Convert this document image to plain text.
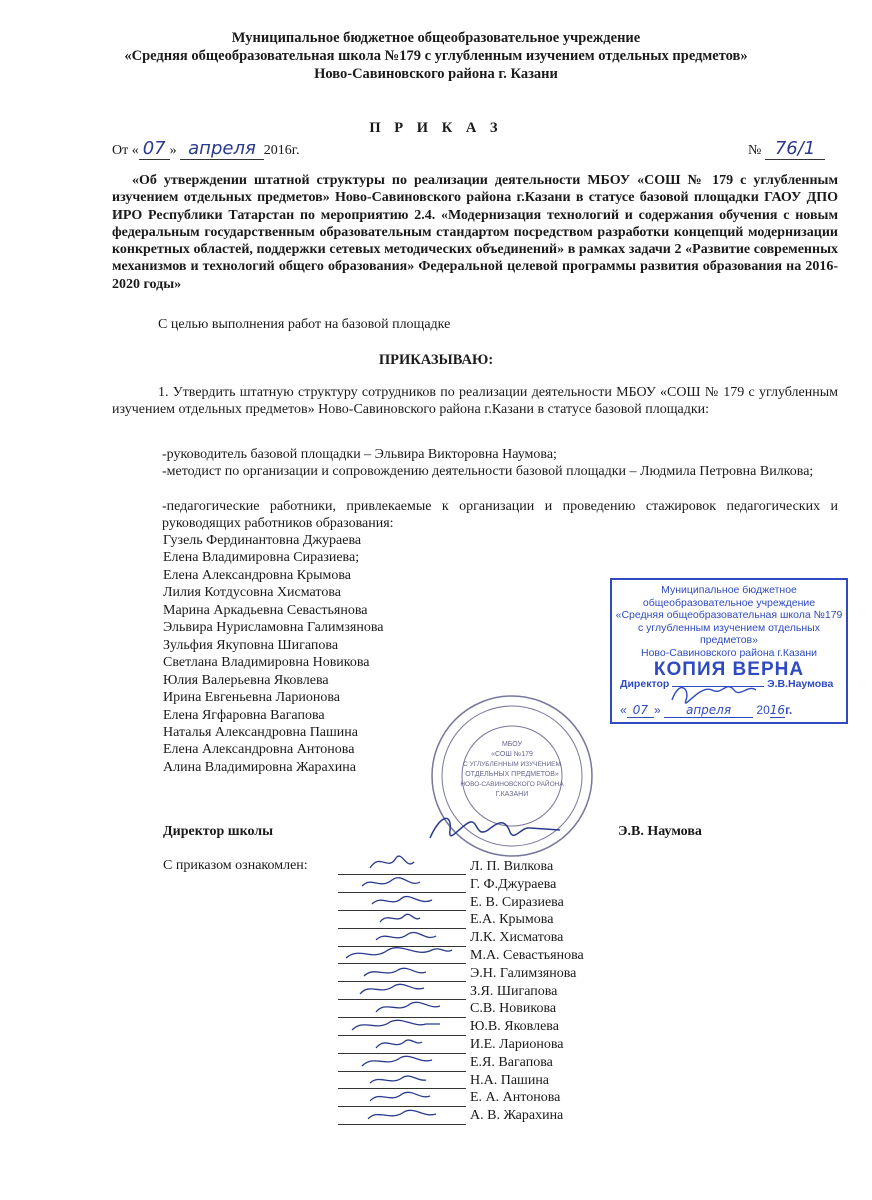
Муниципальное бюджетное общеобразовательное учреждение
«Средняя общеобразовательная школа №179 с углубленным изучением отдельных предметов»
Ново-Савиновского района г. Казани
П Р И К А З
От « 07 » апреля 2016г.	№ 76/1
«Об утверждении штатной структуры по реализации деятельности МБОУ «СОШ № 179 с углубленным изучением отдельных предметов» Ново-Савиновского района г.Казани в статусе базовой площадки ГАОУ ДПО ИРО Республики Татарстан по мероприятию 2.4. «Модернизация технологий и содержания обучения с новым федеральным государственным образовательным стандартом посредством разработки концепций модернизации конкретных областей, поддержки сетевых методических объединений» в рамках задачи 2 «Развитие современных механизмов и технологий общего образования» Федеральной целевой программы развития образования на 2016-2020 годы»
С целью выполнения работ на базовой площадке
ПРИКАЗЫВАЮ:
1. Утвердить штатную структуру сотрудников по реализации деятельности МБОУ «СОШ № 179 с углубленным изучением отдельных предметов» Ново-Савиновского района г.Казани в статусе базовой площадки:
-руководитель базовой площадки – Эльвира Викторовна Наумова;
-методист по организации и сопровождению деятельности базовой площадки – Людмила Петровна Вилкова;
-педагогические работники, привлекаемые к организации и проведению стажировок педагогических и руководящих работников образования:
Гузель Фердинантовна Джураева
Елена Владимировна Сиразиева;
Елена Александровна Крымова
Лилия Котдусовна Хисматова
Марина Аркадьевна Севастьянова
Эльвира Нурисламовна Галимзянова
Зульфия Якуповна Шигапова
Светлана Владимировна Новикова
Юлия Валерьевна Яковлева
Ирина Евгеньевна Ларионова
Елена Ягфаровна Вагапова
Наталья Александровна Пашина
Елена Александровна Антонова
Алина Владимировна Жарахина
Муниципальное бюджетное
общеобразовательное учреждение
«Средняя общеобразовательная школа №179
с углубленным изучением отдельных предметов»
Ново-Савиновского района г.Казани
КОПИЯ ВЕРНА
Директор	Э.В.Наумова
« 07 » апреля 2016г.
МБОУ
«СОШ №179
С УГЛУБЛЕННЫМ ИЗУЧЕНИЕМ
ОТДЕЛЬНЫХ ПРЕДМЕТОВ»
НОВО-САВИНОВСКОГО РАЙОНА
Г.КАЗАНИ
Директор школы	Э.В. Наумова
С приказом ознакомлен:	Л. П. Вилкова
Г. Ф.Джураева
Е. В. Сиразиева
Е.А. Крымова
Л.К. Хисматова
М.А. Севастьянова
Э.Н. Галимзянова
З.Я. Шигапова
С.В. Новикова
Ю.В. Яковлева
И.Е. Ларионова
Е.Я. Вагапова
Н.А. Пашина
Е. А. Антонова
А. В. Жарахина
